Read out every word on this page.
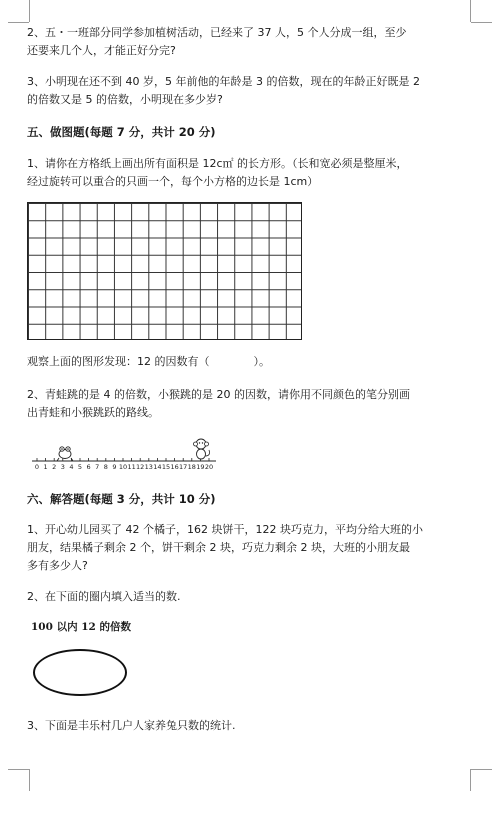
2、五・一班部分同学参加植树活动，已经来了 37 人，5 个人分成一组，至少
还要来几个人，才能正好分完?
3、小明现在还不到 40 岁，5 年前他的年龄是 3 的倍数，现在的年龄正好既是 2
的倍数又是 5 的倍数，小明现在多少岁?
五、做图题(每题 7 分，共计 20 分)
1、请你在方格纸上画出所有面积是 12c㎡ 的长方形。（长和宽必须是整厘米，
经过旋转可以重合的只画一个，每个小方格的边长是 1cm）
观察上面的图形发现：12 的因数有（　　　　）。
2、青蛙跳的是 4 的倍数，小猴跳的是 20 的因数，请你用不同颜色的笔分别画
出青蛙和小猴跳跃的路线。
0 1 2 3 4 5 6 7 8 9 10 11 12 13 14 15 16 17 18 19 20
六、解答题(每题 3 分，共计 10 分)
1、开心幼儿园买了 42 个橘子，162 块饼干，122 块巧克力，平均分给大班的小
朋友，结果橘子剩余 2 个，饼干剩余 2 块，巧克力剩余 2 块，大班的小朋友最
多有多少人?
2、在下面的圈内填入适当的数.
100 以内 12 的倍数
3、下面是丰乐村几户人家养兔只数的统计.
